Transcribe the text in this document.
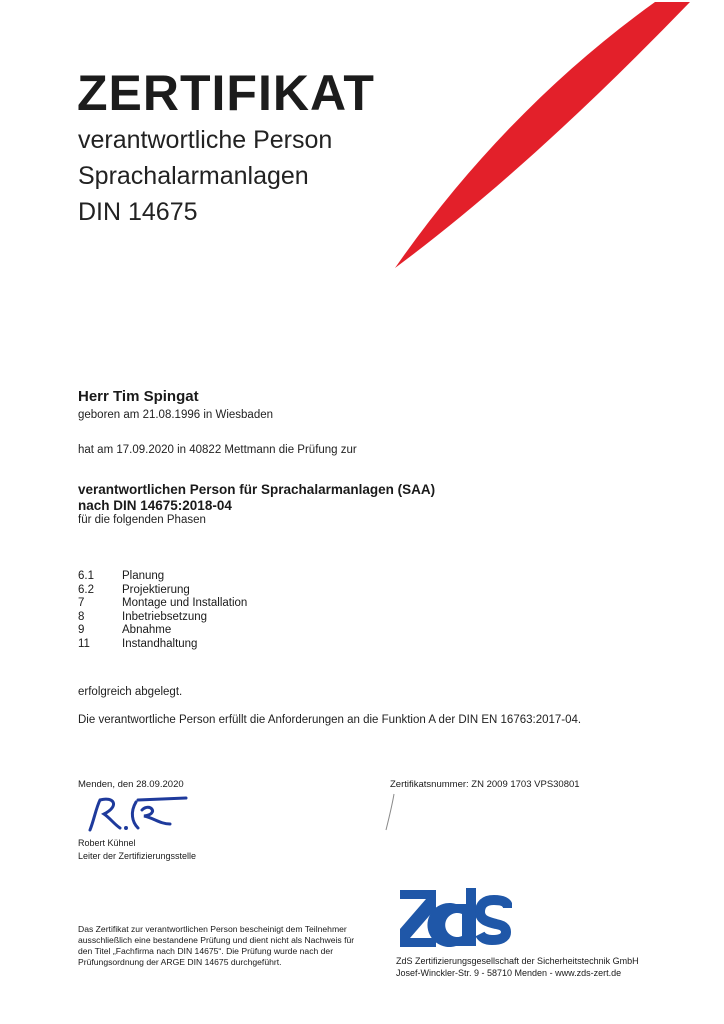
ZERTIFIKAT
verantwortliche Person
Sprachalarmanlagen
DIN 14675
Herr Tim Spingat
geboren am 21.08.1996 in Wiesbaden
hat am 17.09.2020 in 40822 Mettmann die Prüfung zur
verantwortlichen Person für Sprachalarmanlagen (SAA)
nach DIN 14675:2018-04
für die folgenden Phasen
6.1	Planung
6.2	Projektierung
7	Montage und Installation
8	Inbetriebsetzung
9	Abnahme
11	Instandhaltung
erfolgreich abgelegt.
Die verantwortliche Person erfüllt die Anforderungen an die Funktion A der DIN EN 16763:2017-04.
Menden, den 28.09.2020	Zertifikatsnummer: ZN 2009 1703 VPS30801
Robert Kühnel
Leiter der Zertifizierungsstelle
Das Zertifikat zur verantwortlichen Person bescheinigt dem Teilnehmer ausschließlich eine bestandene Prüfung und dient nicht als Nachweis für den Titel „Fachfirma nach DIN 14675“. Die Prüfung wurde nach der Prüfungsordnung der ARGE DIN 14675 durchgeführt.	ZdS Zertifizierungsgesellschaft der Sicherheitstechnik GmbH
Josef-Winckler-Str. 9 - 58710 Menden - www.zds-zert.de
